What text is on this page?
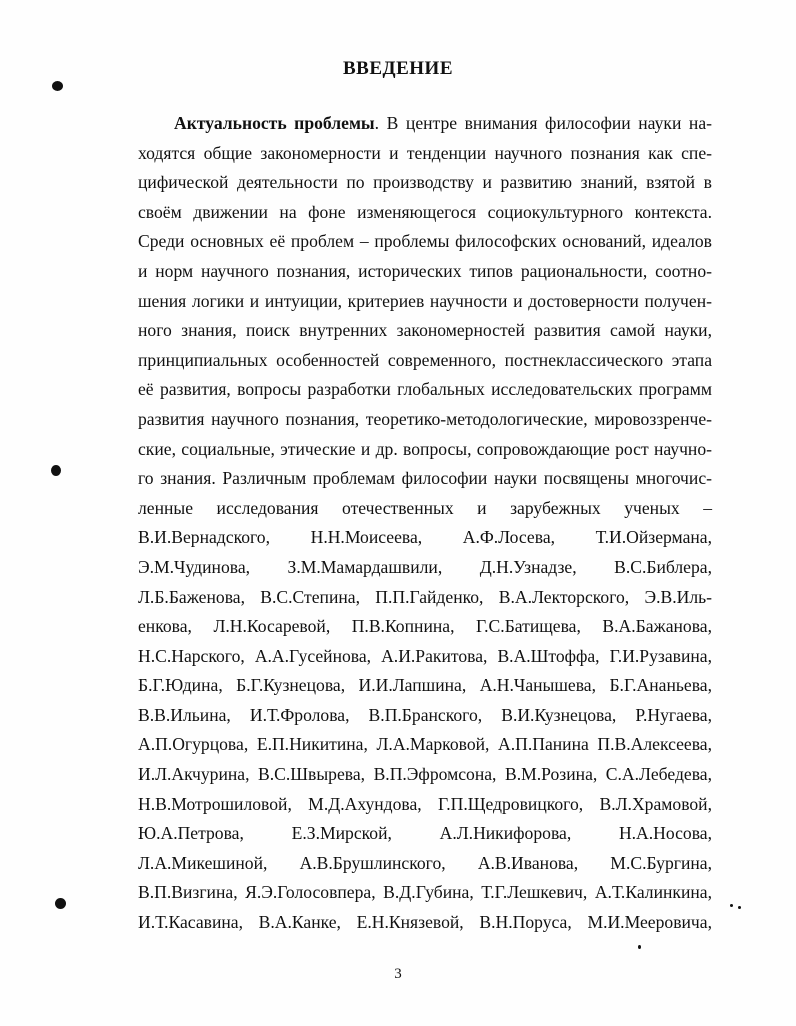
ВВЕДЕНИЕ
Актуальность проблемы. В центре внимания философии науки на-
ходятся общие закономерности и тенденции научного познания как спе-
цифической деятельности по производству и развитию знаний, взятой в
своём движении на фоне изменяющегося социокультурного контекста.
Среди основных её проблем – проблемы философских оснований, идеалов
и норм научного познания, исторических типов рациональности, соотно-
шения логики и интуиции, критериев научности и достоверности получен-
ного знания, поиск внутренних закономерностей развития самой науки,
принципиальных особенностей современного, постнеклассического этапа
её развития, вопросы разработки глобальных исследовательских программ
развития научного познания, теоретико-методологические, мировоззренче-
ские, социальные, этические и др. вопросы, сопровождающие рост научно-
го знания. Различным проблемам философии науки посвящены многочис-
ленные исследования отечественных и зарубежных ученых –
В.И.Вернадского, Н.Н.Моисеева, А.Ф.Лосева, Т.И.Ойзермана,
Э.М.Чудинова, З.М.Мамардашвили, Д.Н.Узнадзе, В.С.Библера,
Л.Б.Баженова, В.С.Степина, П.П.Гайденко, В.А.Лекторского, Э.В.Иль-
енкова, Л.Н.Косаревой, П.В.Копнина, Г.С.Батищева, В.А.Бажанова,
Н.С.Нарского, А.А.Гусейнова, А.И.Ракитова, В.А.Штоффа, Г.И.Рузавина,
Б.Г.Юдина, Б.Г.Кузнецова, И.И.Лапшина, А.Н.Чанышева, Б.Г.Ананьева,
В.В.Ильина, И.Т.Фролова, В.П.Бранского, В.И.Кузнецова, Р.Нугаева,
А.П.Огурцова, Е.П.Никитина, Л.А.Марковой, А.П.Панина П.В.Алексеева,
И.Л.Акчурина, В.С.Швырева, В.П.Эфромсона, В.М.Розина, С.А.Лебедева,
Н.В.Мотрошиловой, М.Д.Ахундова, Г.П.Щедровицкого, В.Л.Храмовой,
Ю.А.Петрова, Е.З.Мирской, А.Л.Никифорова, Н.А.Носова,
Л.А.Микешиной, А.В.Брушлинского, А.В.Иванова, М.С.Бургина,
В.П.Визгина, Я.Э.Голосовпера, В.Д.Губина, Т.Г.Лешкевич, А.Т.Калинкина,
И.Т.Касавина, В.А.Канке, Е.Н.Князевой, В.Н.Поруса, М.И.Мееровича,
3
